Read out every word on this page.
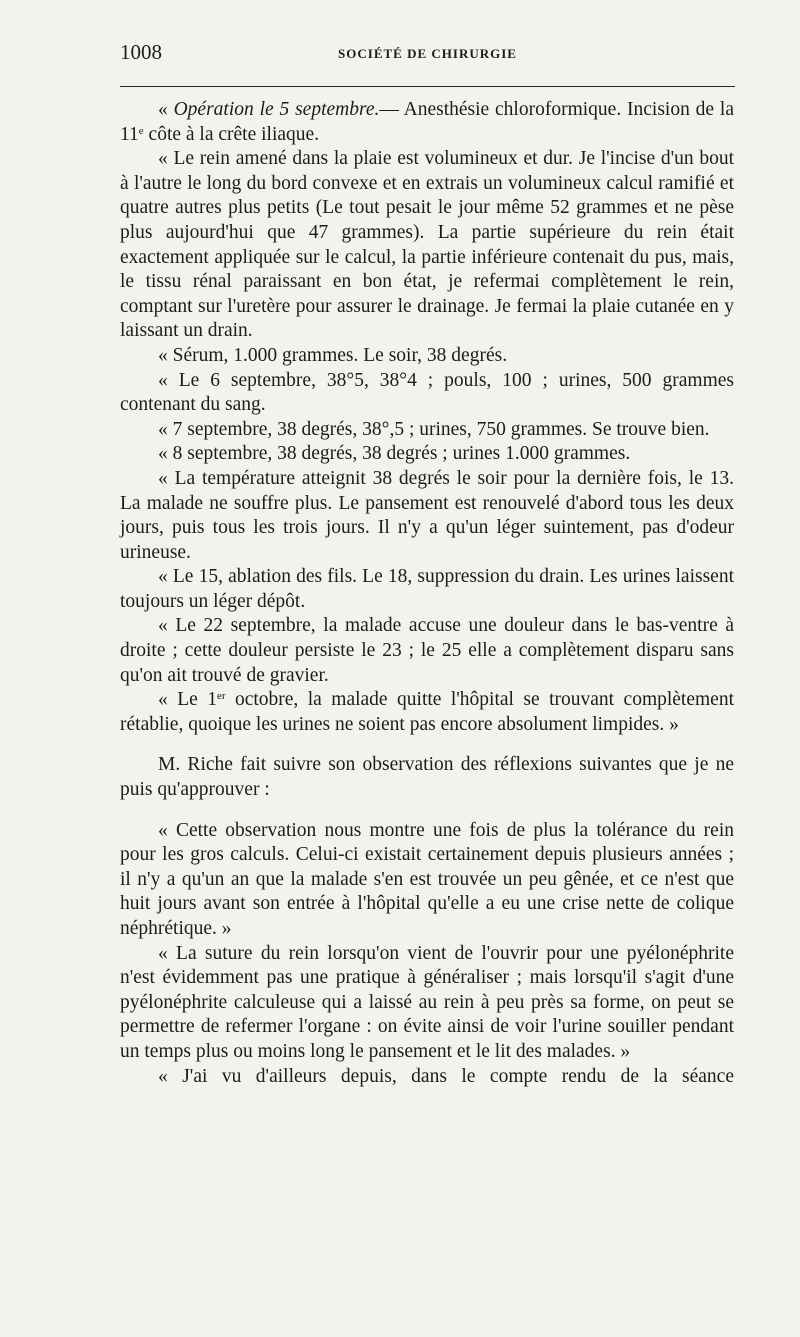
1008	SOCIÉTÉ DE CHIRURGIE

« Opération le 5 septembre.— Anesthésie chloroformique. Incision de la 11e côte à la crête iliaque.

« Le rein amené dans la plaie est volumineux et dur. Je l'incise d'un bout à l'autre le long du bord convexe et en extrais un volumineux calcul ramifié et quatre autres plus petits (Le tout pesait le jour même 52 grammes et ne pèse plus aujourd'hui que 47 grammes). La partie supérieure du rein était exactement appliquée sur le calcul, la partie inférieure contenait du pus, mais, le tissu rénal paraissant en bon état, je refermai complètement le rein, comptant sur l'uretère pour assurer le drainage. Je fermai la plaie cutanée en y laissant un drain.

« Sérum, 1.000 grammes. Le soir, 38 degrés.

« Le 6 septembre, 38°5, 38°4 ; pouls, 100 ; urines, 500 grammes contenant du sang.

« 7 septembre, 38 degrés, 38°,5 ; urines, 750 grammes. Se trouve bien.

« 8 septembre, 38 degrés, 38 degrés ; urines 1.000 grammes.

« La température atteignit 38 degrés le soir pour la dernière fois, le 13. La malade ne souffre plus. Le pansement est renouvelé d'abord tous les deux jours, puis tous les trois jours. Il n'y a qu'un léger suintement, pas d'odeur urineuse.

« Le 15, ablation des fils. Le 18, suppression du drain. Les urines laissent toujours un léger dépôt.

« Le 22 septembre, la malade accuse une douleur dans le bas-ventre à droite ; cette douleur persiste le 23 ; le 25 elle a complètement disparu sans qu'on ait trouvé de gravier.

« Le 1er octobre, la malade quitte l'hôpital se trouvant complètement rétablie, quoique les urines ne soient pas encore absolument limpides. »

M. Riche fait suivre son observation des réflexions suivantes que je ne puis qu'approuver :

« Cette observation nous montre une fois de plus la tolérance du rein pour les gros calculs. Celui-ci existait certainement depuis plusieurs années ; il n'y a qu'un an que la malade s'en est trouvée un peu gênée, et ce n'est que huit jours avant son entrée à l'hôpital qu'elle a eu une crise nette de colique néphrétique. »

« La suture du rein lorsqu'on vient de l'ouvrir pour une pyélonéphrite n'est évidemment pas une pratique à généraliser ; mais lorsqu'il s'agit d'une pyélonéphrite calculeuse qui a laissé au rein à peu près sa forme, on peut se permettre de refermer l'organe : on évite ainsi de voir l'urine souiller pendant un temps plus ou moins long le pansement et le lit des malades. »

« J'ai vu d'ailleurs depuis, dans le compte rendu de la séance
